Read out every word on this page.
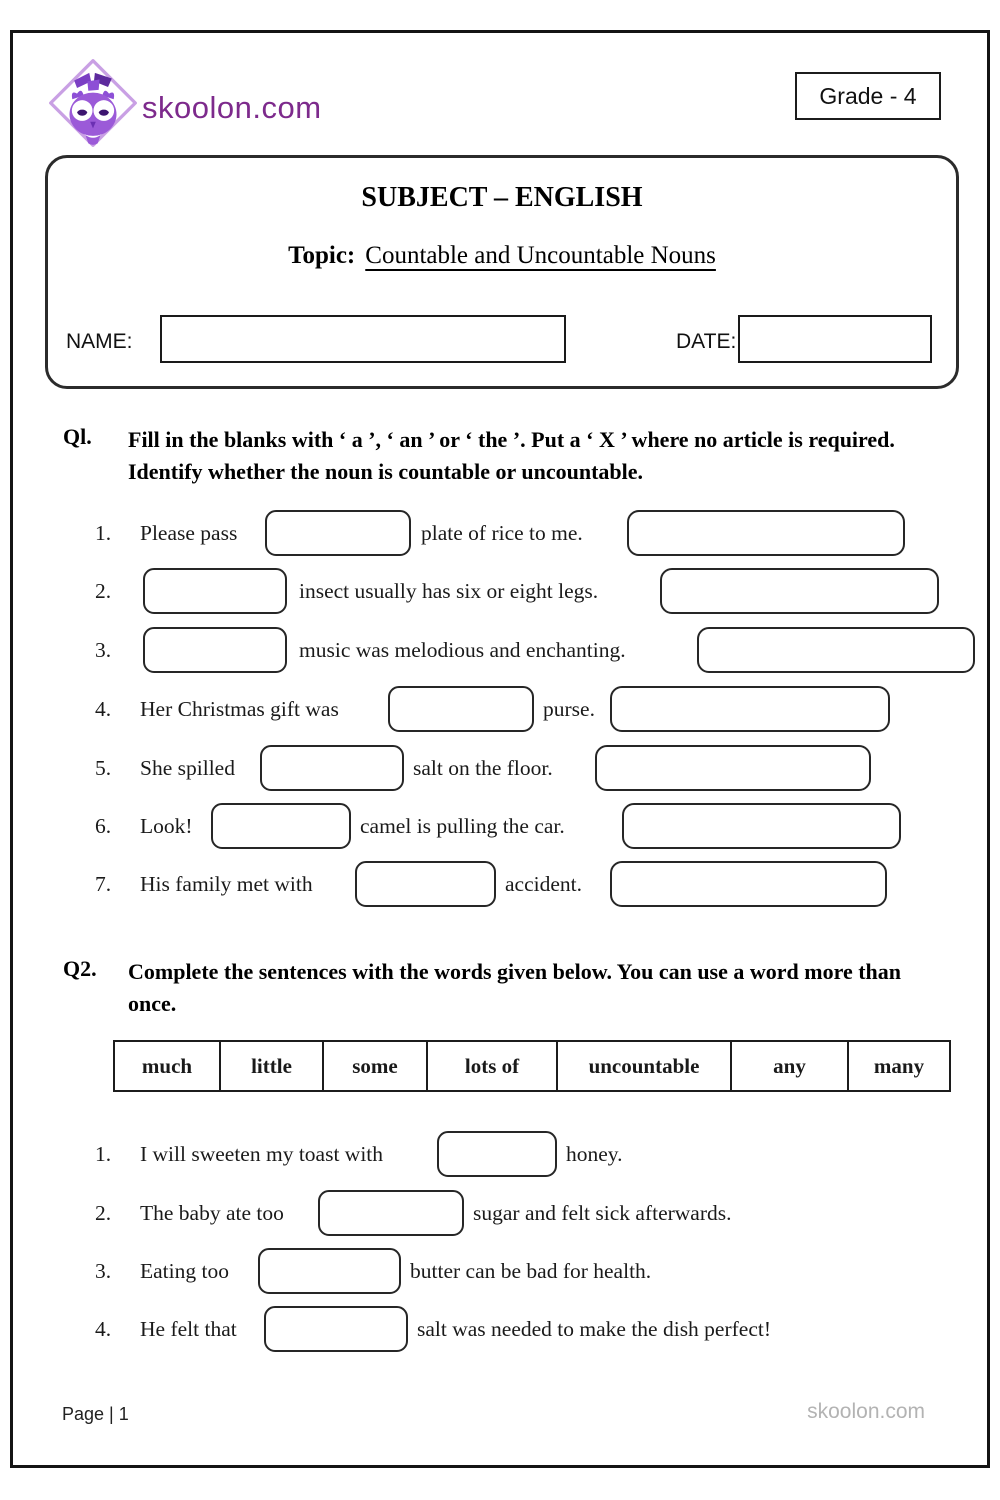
skoolon.com	Grade - 4
SUBJECT – ENGLISH
Topic: Countable and Uncountable Nouns
NAME:	DATE:
Ql. Fill in the blanks with ‘ a ’, ‘ an ’ or ‘ the ’. Put a ‘ X ’ where no article is required. Identify whether the noun is countable or uncountable.
1. Please pass	plate of rice to me.
2.	insect usually has six or eight legs.
3.	music was melodious and enchanting.
4. Her Christmas gift was	purse.
5. She spilled	salt on the floor.
6. Look!	camel is pulling the car.
7. His family met with	accident.
Q2. Complete the sentences with the words given below. You can use a word more than once.
much	little	some	lots of	uncountable	any	many
1. I will sweeten my toast with	honey.
2. The baby ate too	sugar and felt sick afterwards.
3. Eating too	butter can be bad for health.
4. He felt that	salt was needed to make the dish perfect!
Page | 1	skoolon.com
